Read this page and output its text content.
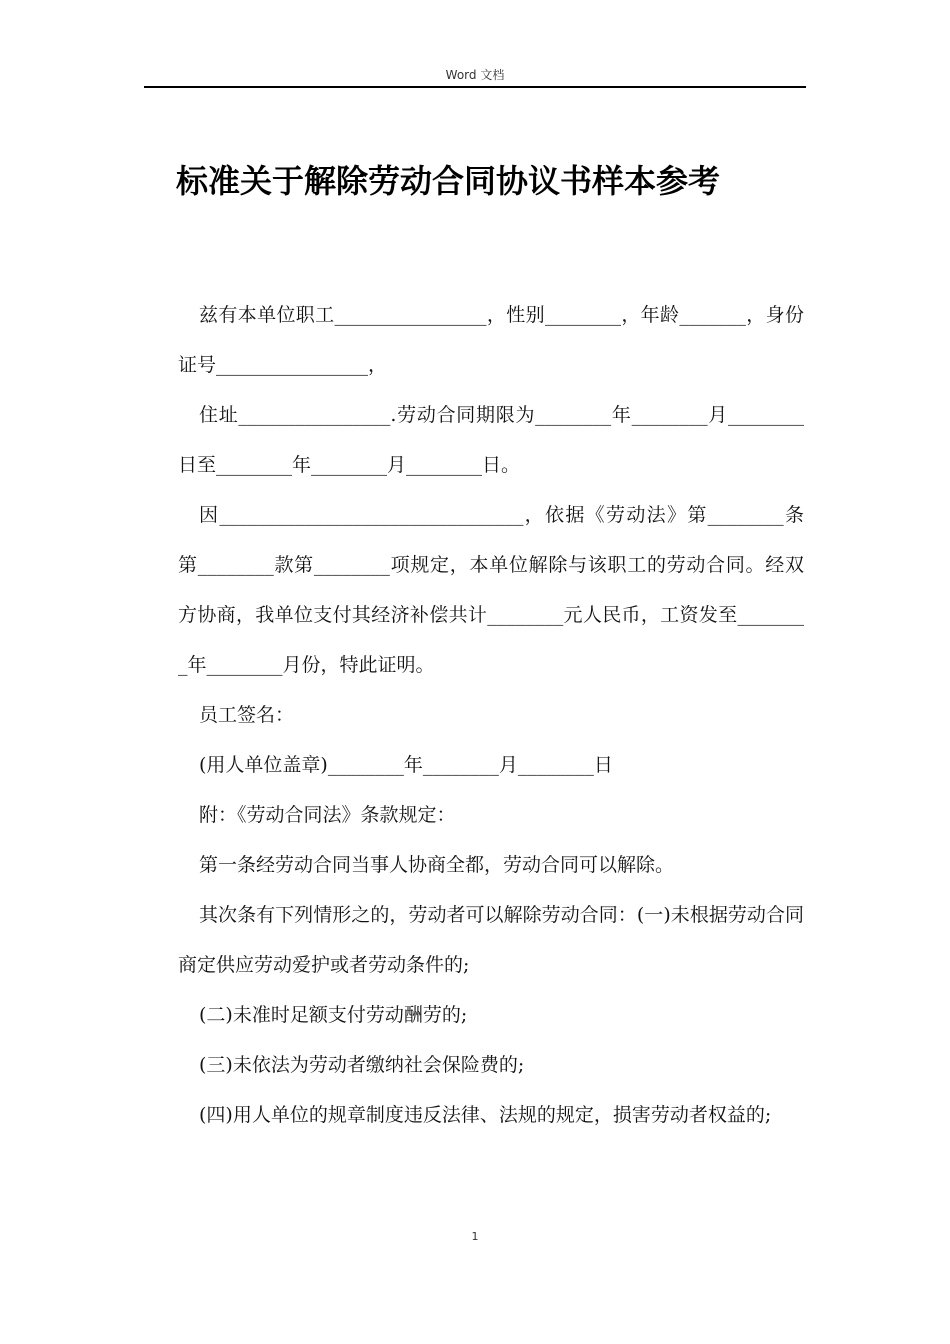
Word 文档
标准关于解除劳动合同协议书样本参考

兹有本单位职工________________，性别________，年龄_______，身份证号________________，

住址________________.劳动合同期限为________年________月________日至________年________月________日。

因________________________________，依据《劳动法》第________条第________款第________项规定，本单位解除与该职工的劳动合同。经双方协商，我单位支付其经济补偿共计________元人民币，工资发至________年________月份，特此证明。

员工签名：

(用人单位盖章)________年________月________日

附：《劳动合同法》条款规定：

第一条经劳动合同当事人协商全都，劳动合同可以解除。

其次条有下列情形之的，劳动者可以解除劳动合同：(一)未根据劳动合同商定供应劳动爱护或者劳动条件的;

(二)未准时足额支付劳动酬劳的;

(三)未依法为劳动者缴纳社会保险费的;

(四)用人单位的规章制度违反法律、法规的规定，损害劳动者权益的;

1
